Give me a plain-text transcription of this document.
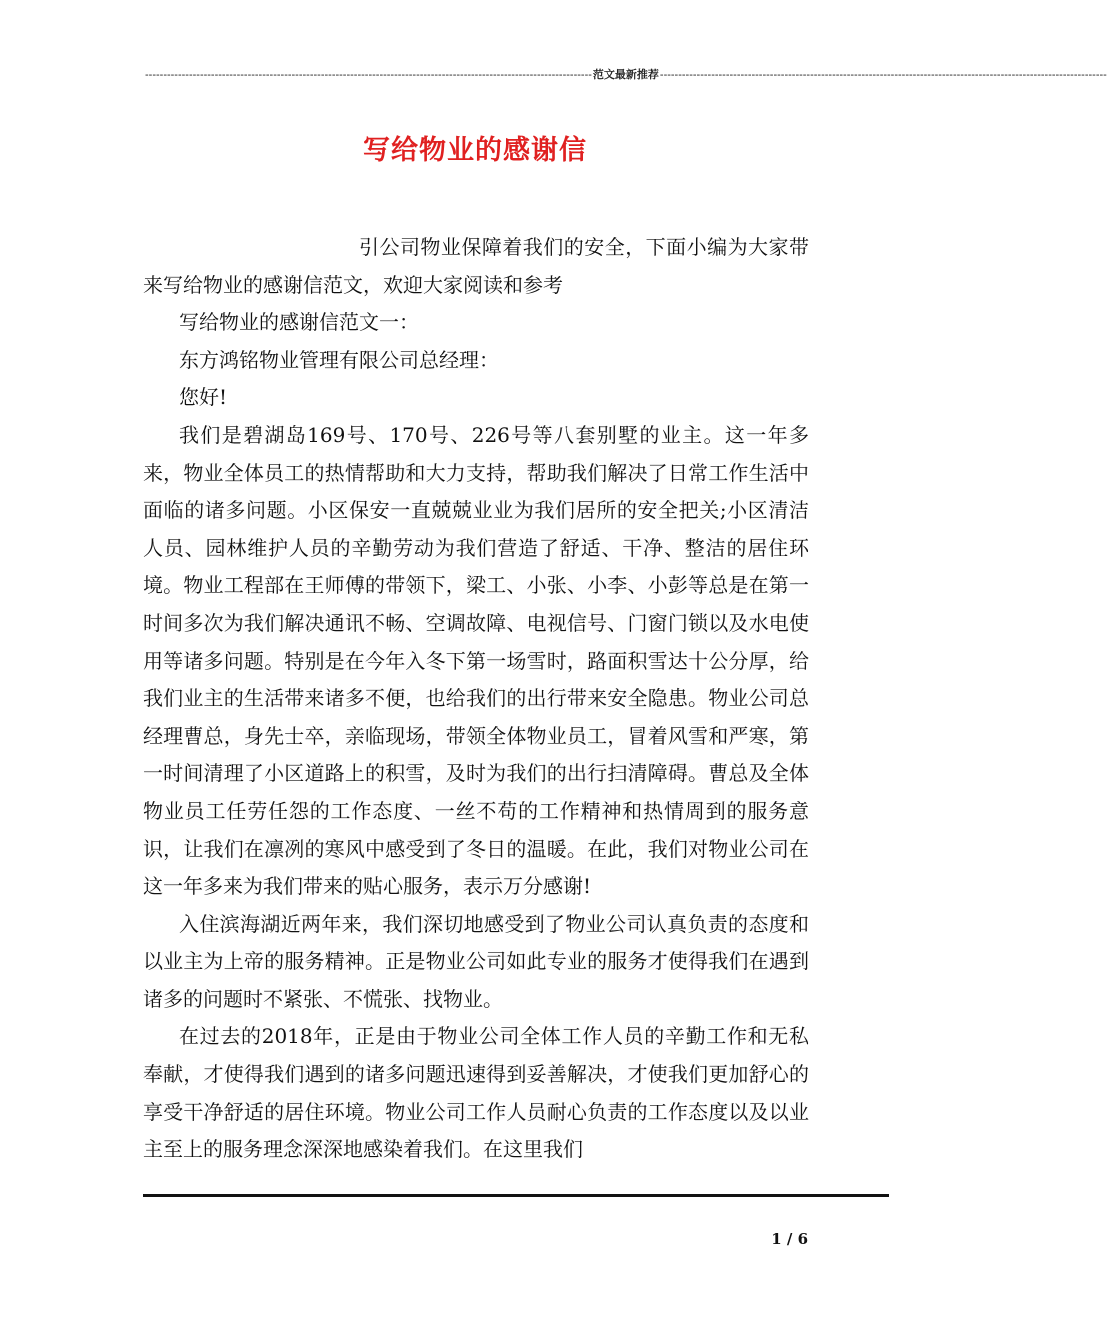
-------------------------------------------------------------------------------------------------------------------------- 范文最新推荐 --------------------------------------------------------------------------------------------------------------------------
写给物业的感谢信

引公司物业保障着我们的安全，下面小编为大家带来写给物业的感谢信范文，欢迎大家阅读和参考

写给物业的感谢信范文一：

东方鸿铭物业管理有限公司总经理：

您好!

我们是碧湖岛169号、170号、226号等八套别墅的业主。这一年多来，物业全体员工的热情帮助和大力支持，帮助我们解决了日常工作生活中面临的诸多问题。小区保安一直兢兢业业为我们居所的安全把关;小区清洁人员、园林维护人员的辛勤劳动为我们营造了舒适、干净、整洁的居住环境。物业工程部在王师傅的带领下，梁工、小张、小李、小彭等总是在第一时间多次为我们解决通讯不畅、空调故障、电视信号、门窗门锁以及水电使用等诸多问题。特别是在今年入冬下第一场雪时，路面积雪达十公分厚，给我们业主的生活带来诸多不便，也给我们的出行带来安全隐患。物业公司总经理曹总，身先士卒，亲临现场，带领全体物业员工，冒着风雪和严寒，第一时间清理了小区道路上的积雪，及时为我们的出行扫清障碍。曹总及全体物业员工任劳任怨的工作态度、一丝不苟的工作精神和热情周到的服务意识，让我们在凛冽的寒风中感受到了冬日的温暖。在此，我们对物业公司在这一年多来为我们带来的贴心服务，表示万分感谢!

入住滨海湖近两年来，我们深切地感受到了物业公司认真负责的态度和以业主为上帝的服务精神。正是物业公司如此专业的服务才使得我们在遇到诸多的问题时不紧张、不慌张、找物业。

在过去的2018年，正是由于物业公司全体工作人员的辛勤工作和无私奉献，才使得我们遇到的诸多问题迅速得到妥善解决，才使我们更加舒心的享受干净舒适的居住环境。物业公司工作人员耐心负责的工作态度以及以业主至上的服务理念深深地感染着我们。在这里我们

1 / 6
